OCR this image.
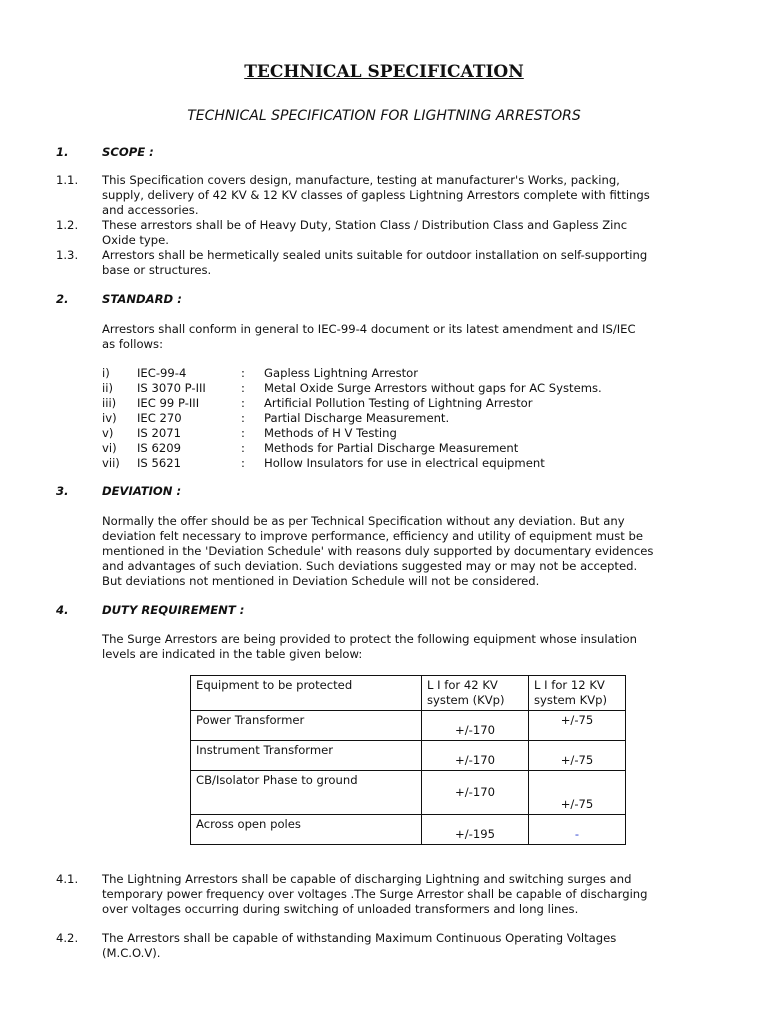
TECHNICAL SPECIFICATION
TECHNICAL SPECIFICATION FOR LIGHTNING ARRESTORS
1.	SCOPE :
1.1. This Specification covers design, manufacture, testing at manufacturer's Works, packing,
supply, delivery of 42 KV & 12 KV classes of gapless Lightning Arrestors complete with fittings
and accessories.
1.2. These arrestors shall be of Heavy Duty, Station Class / Distribution Class and Gapless Zinc
Oxide type.
1.3. Arrestors shall be hermetically sealed units suitable for outdoor installation on self-supporting
base or structures.
2.	STANDARD :
Arrestors shall conform in general to IEC-99-4 document or its latest amendment and IS/IEC
as follows:
i) IEC-99-4	: Gapless Lightning Arrestor
ii) IS 3070 P-III	: Metal Oxide Surge Arrestors without gaps for AC Systems.
iii) IEC 99 P-III	: Artificial Pollution Testing of Lightning Arrestor
iv) IEC 270	: Partial Discharge Measurement.
v) IS 2071	: Methods of H V Testing
vi) IS 6209	: Methods for Partial Discharge Measurement
vii) IS 5621	: Hollow Insulators for use in electrical equipment
3.	DEVIATION :
Normally the offer should be as per Technical Specification without any deviation. But any
deviation felt necessary to improve performance, efficiency and utility of equipment must be
mentioned in the 'Deviation Schedule' with reasons duly supported by documentary evidences
and advantages of such deviation. Such deviations suggested may or may not be accepted.
But deviations not mentioned in Deviation Schedule will not be considered.
4.	DUTY REQUIREMENT :
The Surge Arrestors are being provided to protect the following equipment whose insulation
levels are indicated in the table given below:
Equipment to be protected	L I for 42 KV system (KVp)	L I for 12 KV system KVp)
Power Transformer	+/-170	+/-75
Instrument Transformer	+/-170	+/-75
CB/Isolator Phase to ground	+/-170	+/-75
Across open poles	+/-195	-
4.1. The Lightning Arrestors shall be capable of discharging Lightning and switching surges and
temporary power frequency over voltages .The Surge Arrestor shall be capable of discharging
over voltages occurring during switching of unloaded transformers and long lines.
4.2. The Arrestors shall be capable of withstanding Maximum Continuous Operating Voltages
(M.C.O.V).
